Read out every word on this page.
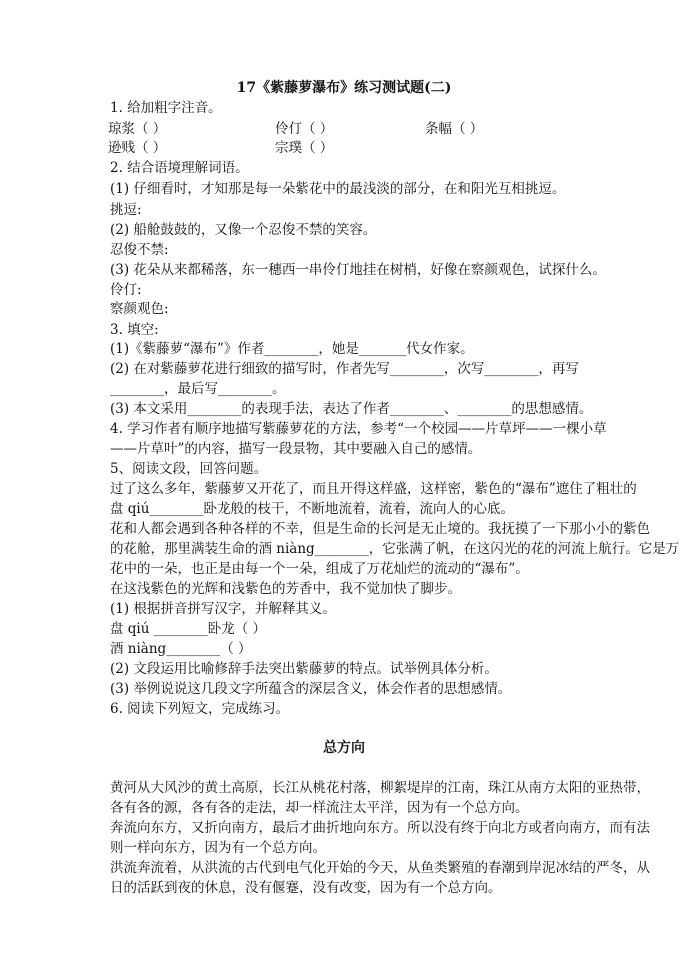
17《紫藤萝瀑布》练习测试题(二)
1. 给加粗字注音。
琼浆（ ）	伶仃（ ）	条幅（ ）
逊贱（ ）	宗璞（ ）
2. 结合语境理解词语。
(1) 仔细看时，才知那是每一朵紫花中的最浅淡的部分，在和阳光互相挑逗。
挑逗:
(2) 船舱鼓鼓的，又像一个忍俊不禁的笑容。
忍俊不禁:
(3) 花朵从来都稀落，东一穗西一串伶仃地挂在树梢，好像在察颜观色，试探什么。
伶仃:
察颜观色:
3. 填空:
(1)《紫藤萝“瀑布”》作者________，她是_______代女作家。
(2) 在对紫藤萝花进行细致的描写时，作者先写________，次写________，再写
________，最后写________。
(3) 本文采用________的表现手法，表达了作者________、________的思想感情。
4. 学习作者有顺序地描写紫藤萝花的方法，参考“一个校园——片草坪——一棵小草
——片草叶”的内容，描写一段景物，其中要融入自己的感情。
5、阅读文段，回答问题。
过了这么多年，紫藤萝又开花了，而且开得这样盛，这样密，紫色的“瀑布”遮住了粗壮的
盘 qiú________卧龙般的枝干，不断地流着，流着，流向人的心底。
花和人都会遇到各种各样的不幸，但是生命的长河是无止境的。我抚摸了一下那小小的紫色
的花舱，那里满装生命的酒 niàng________，它张满了帆，在这闪光的花的河流上航行。它是万
花中的一朵，也正是由每一个一朵，组成了万花灿烂的流动的“瀑布”。
在这浅紫色的光辉和浅紫色的芳香中，我不觉加快了脚步。
(1) 根据拼音拼写汉字，并解释其义。
盘 qiú ________卧龙（ ）
酒 niàng________（ ）
(2) 文段运用比喻修辞手法突出紫藤萝的特点。试举例具体分析。
(3) 举例说说这几段文字所蕴含的深层含义，体会作者的思想感情。
6. 阅读下列短文，完成练习。
总方向
黄河从大风沙的黄土高原，长江从桃花村落，柳絮堤岸的江南，珠江从南方太阳的亚热带，
各有各的源，各有各的走法，却一样流注太平洋，因为有一个总方向。
奔流向东方，又折向南方，最后才曲折地向东方。所以没有终于向北方或者向南方，而有法
则一样向东方，因为有一个总方向。
洪流奔流着，从洪流的古代到电气化开始的今天，从鱼类繁殖的春潮到岸泥冰结的严冬，从
日的活跃到夜的休息，没有偃蹇，没有改变，因为有一个总方向。
